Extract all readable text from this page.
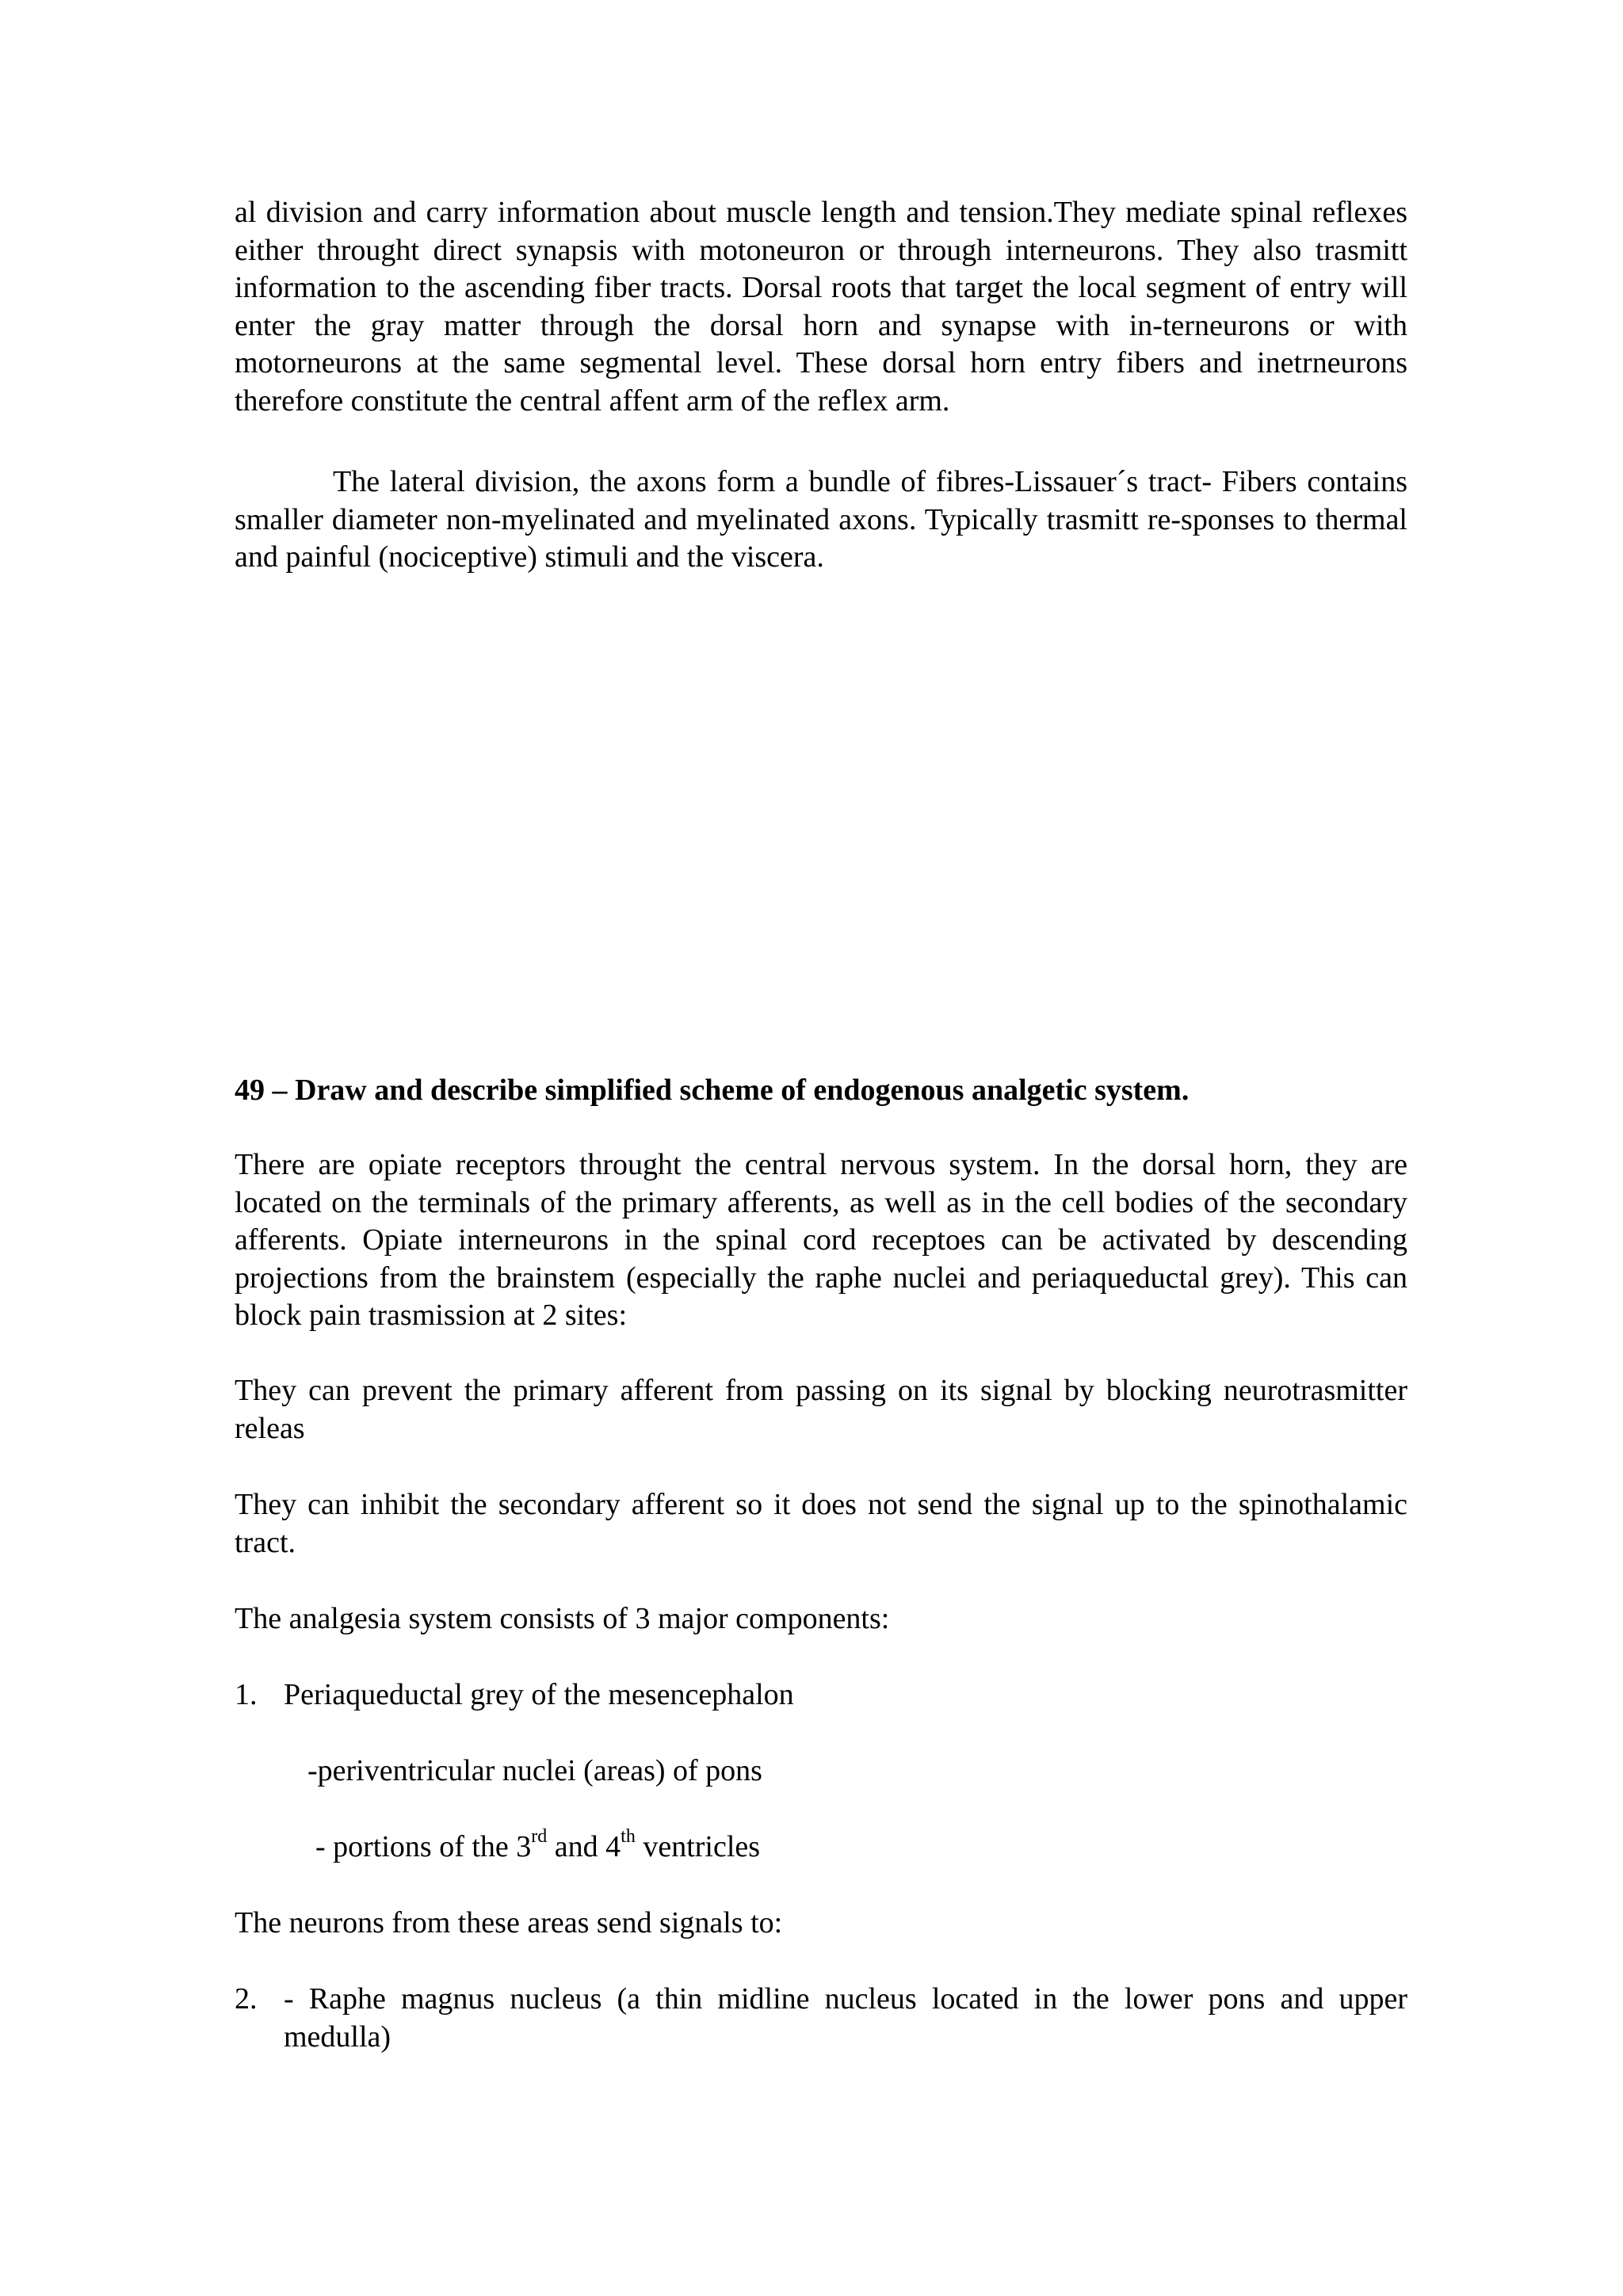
al division and carry information about muscle length and tension.They mediate spinal reflexes either throught direct synapsis with motoneuron or through interneurons. They also trasmitt information to the ascending fiber tracts. Dorsal roots that target the local segment of entry will enter the gray matter through the dorsal horn and synapse with in-terneurons or with motorneurons at the same segmental level. These dorsal horn entry fibers and inetrneurons therefore constitute the central affent arm of the reflex arm.

The lateral division, the axons form a bundle of fibres-Lissauer´s tract- Fibers contains smaller diameter non-myelinated and myelinated axons. Typically trasmitt re-sponses to thermal and painful (nociceptive) stimuli and the viscera.

49 – Draw and describe simplified scheme of endogenous analgetic system.

There are opiate receptors throught the central nervous system. In the dorsal horn, they are located on the terminals of the primary afferents, as well as in the cell bodies of the secondary afferents. Opiate interneurons in the spinal cord receptoes can be activated by descending projections from the brainstem (especially the raphe nuclei and periaqueductal grey). This can block pain trasmission at 2 sites:

They can prevent the primary afferent from passing on its signal by blocking neurotrasmitter releas

They can inhibit the secondary afferent so it does not send the signal up to the spinothalamic tract.

The analgesia system consists of 3 major components:

1. Periaqueductal grey of the mesencephalon

-periventricular nuclei (areas) of pons

- portions of the 3rd and 4th ventricles

The neurons from these areas send signals to:

2. - Raphe magnus nucleus (a thin midline nucleus located in the lower pons and upper medulla)
